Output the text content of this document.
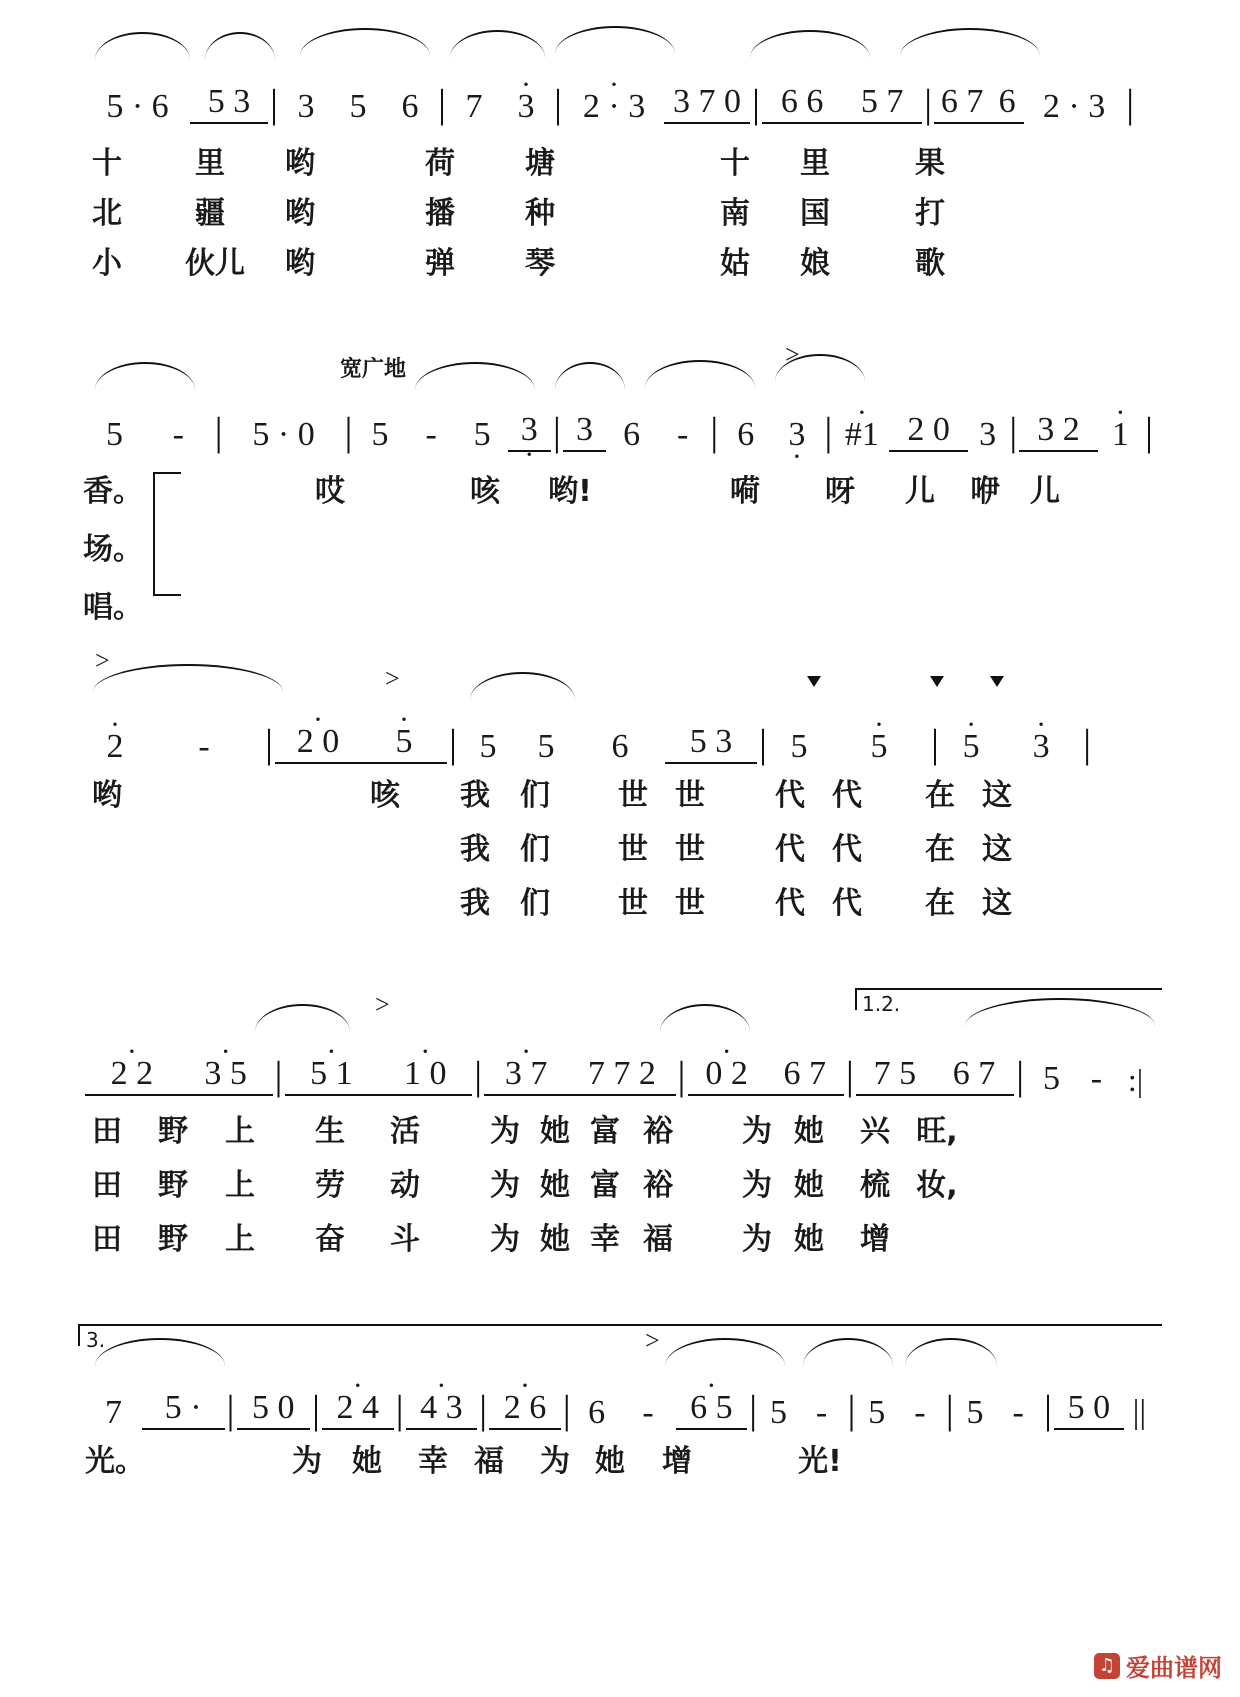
5 · 6	5 3 | 3	5	6 | 7	· 3 | · 2 · 3 3 7 0 | 6 6	5 7 | 6 7 6 2 · 3 |
十 里 哟	荷 塘	十 里	果
北 疆 哟	播 种	南 国	打
小 伙儿 哟	弹 琴	姑 娘	歌
宽广地
>
5	- | 5 · 0 | 5	-	5 3 · | 3 6	- | 6	3 · | · #1 2 0 3 | 3 2 · 1 |
香。	哎	咳 哟!	嗬 呀 儿 咿 儿
场。
唱。
>
>
· 2	-	| · 2 0	· 5 | 5	5	6	5 3 | 5	· 5	| · 5	· 3 |
哟	咳 我 们 世 世 代 代 在 这
我 们 世 世 代 代 在 这
我 们 世 世 代 代 在 这
1.2.
>
· 2 2	· 3 5 | · 5 1	· 1 0 | · 3 7	7 7 2 | · 0 2	6 7 | 7 5	6 7 | 5 - :|
田 野 上 生 活 为 她 富 裕 为 她 兴 旺,
田 野 上 劳 动 为 她 富 裕 为 她 梳 妆,
田 野 上 奋 斗 为 她 幸 福 为 她 增
3.	>
7	5 · | 5 0 | · 2 4 | · 4 3 | · 2 6 | 6	-	· 6 5 | 5 - | 5 - | 5 - | 5 0 ||
光。	为 她 幸 福 为 她 增	光!
♫ 爱曲谱网
